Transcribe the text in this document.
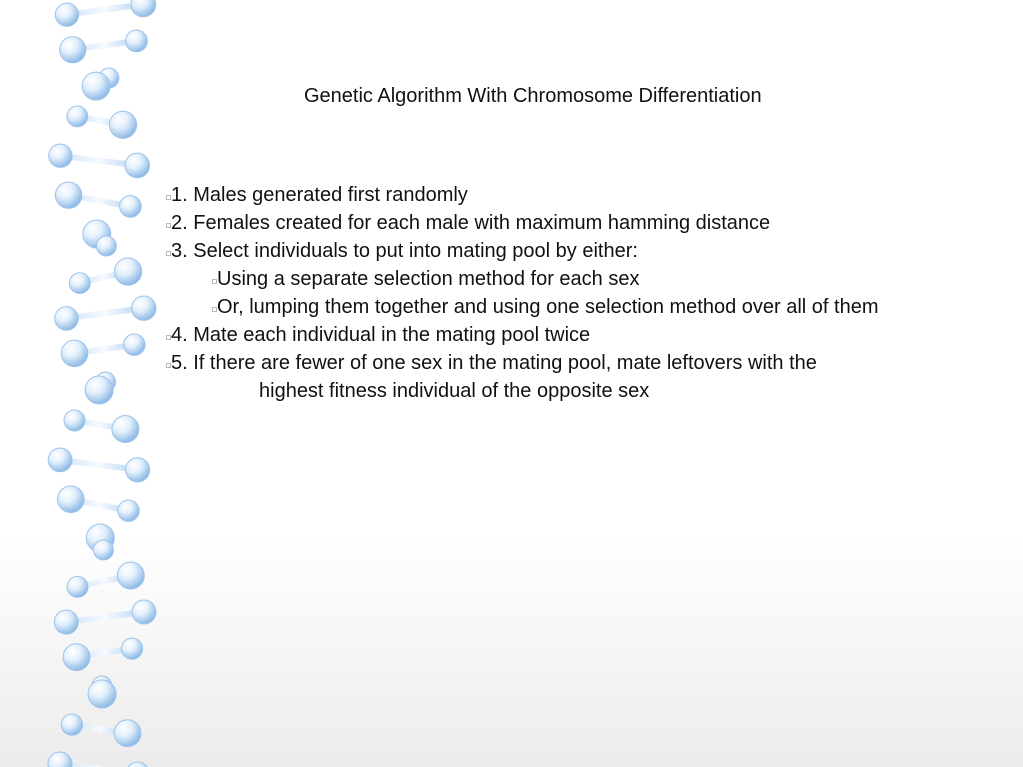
Genetic Algorithm With Chromosome Differentiation
1. Males generated first randomly
2. Females created for each male with maximum hamming distance
3. Select individuals to put into mating pool by either:
Using a separate selection method for each sex
Or, lumping them together and using one selection method over all of them
4. Mate each individual in the mating pool twice
5. If there are fewer of one sex in the mating pool, mate leftovers with the
highest fitness individual of the opposite sex
